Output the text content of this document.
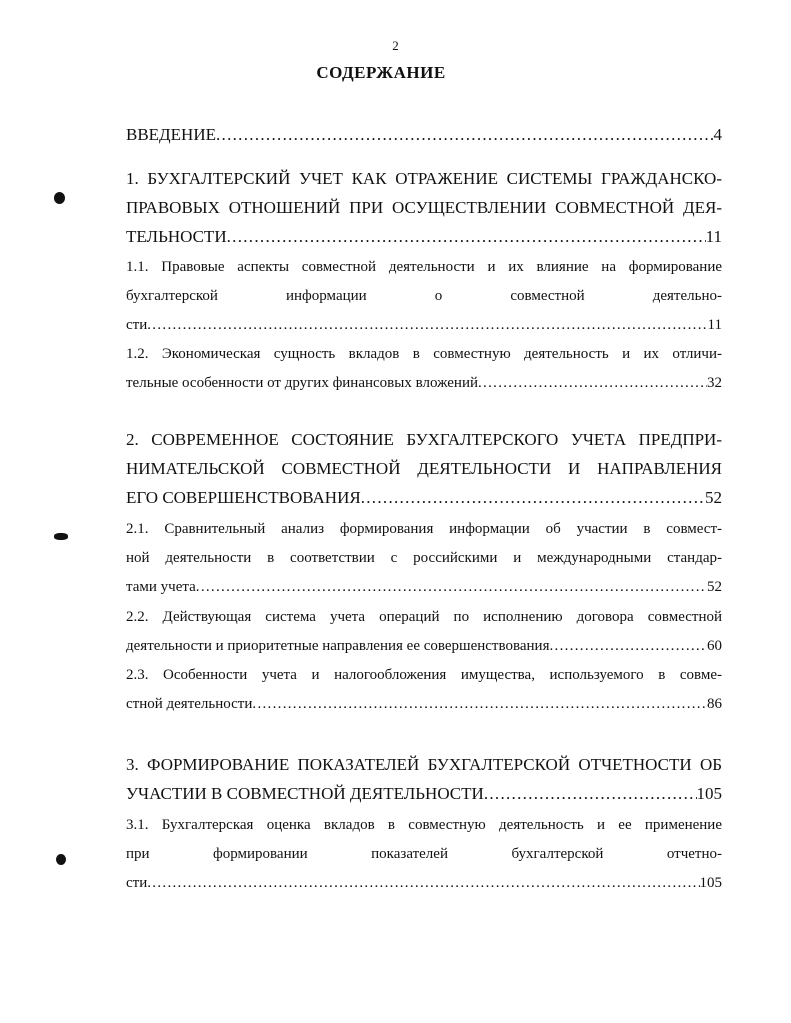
2
СОДЕРЖАНИЕ
ВВЕДЕНИЕ .....	4
1. БУХГАЛТЕРСКИЙ УЧЕТ КАК ОТРАЖЕНИЕ СИСТЕМЫ ГРАЖДАНСКО-
ПРАВОВЫХ ОТНОШЕНИЙ ПРИ ОСУЩЕСТВЛЕНИИ СОВМЕСТНОЙ ДЕЯ-
ТЕЛЬНОСТИ .....	11
1.1. Правовые аспекты совместной деятельности и их влияние на формирование
бухгалтерской информации о совместной деятельно-
сти .....	11
1.2. Экономическая сущность вкладов в совместную деятельность и их отличи-
тельные особенности от других финансовых вложений .....	32
2. СОВРЕМЕННОЕ СОСТОЯНИЕ БУХГАЛТЕРСКОГО УЧЕТА ПРЕДПРИ-
НИМАТЕЛЬСКОЙ СОВМЕСТНОЙ ДЕЯТЕЛЬНОСТИ И НАПРАВЛЕНИЯ
ЕГО СОВЕРШЕНСТВОВАНИЯ .....	52
2.1. Сравнительный анализ формирования информации об участии в совмест-
ной деятельности в соответствии с российскими и международными стандар-
тами учета .....	52
2.2. Действующая система учета операций по исполнению договора совместной
деятельности и приоритетные направления ее совершенствования .....	60
2.3. Особенности учета и налогообложения имущества, используемого в совме-
стной деятельности .....	86
3. ФОРМИРОВАНИЕ ПОКАЗАТЕЛЕЙ БУХГАЛТЕРСКОЙ ОТЧЕТНОСТИ ОБ
УЧАСТИИ В СОВМЕСТНОЙ ДЕЯТЕЛЬНОСТИ .....	105
3.1. Бухгалтерская оценка вкладов в совместную деятельность и ее применение
при формировании показателей бухгалтерской отчетно-
сти .....	105
